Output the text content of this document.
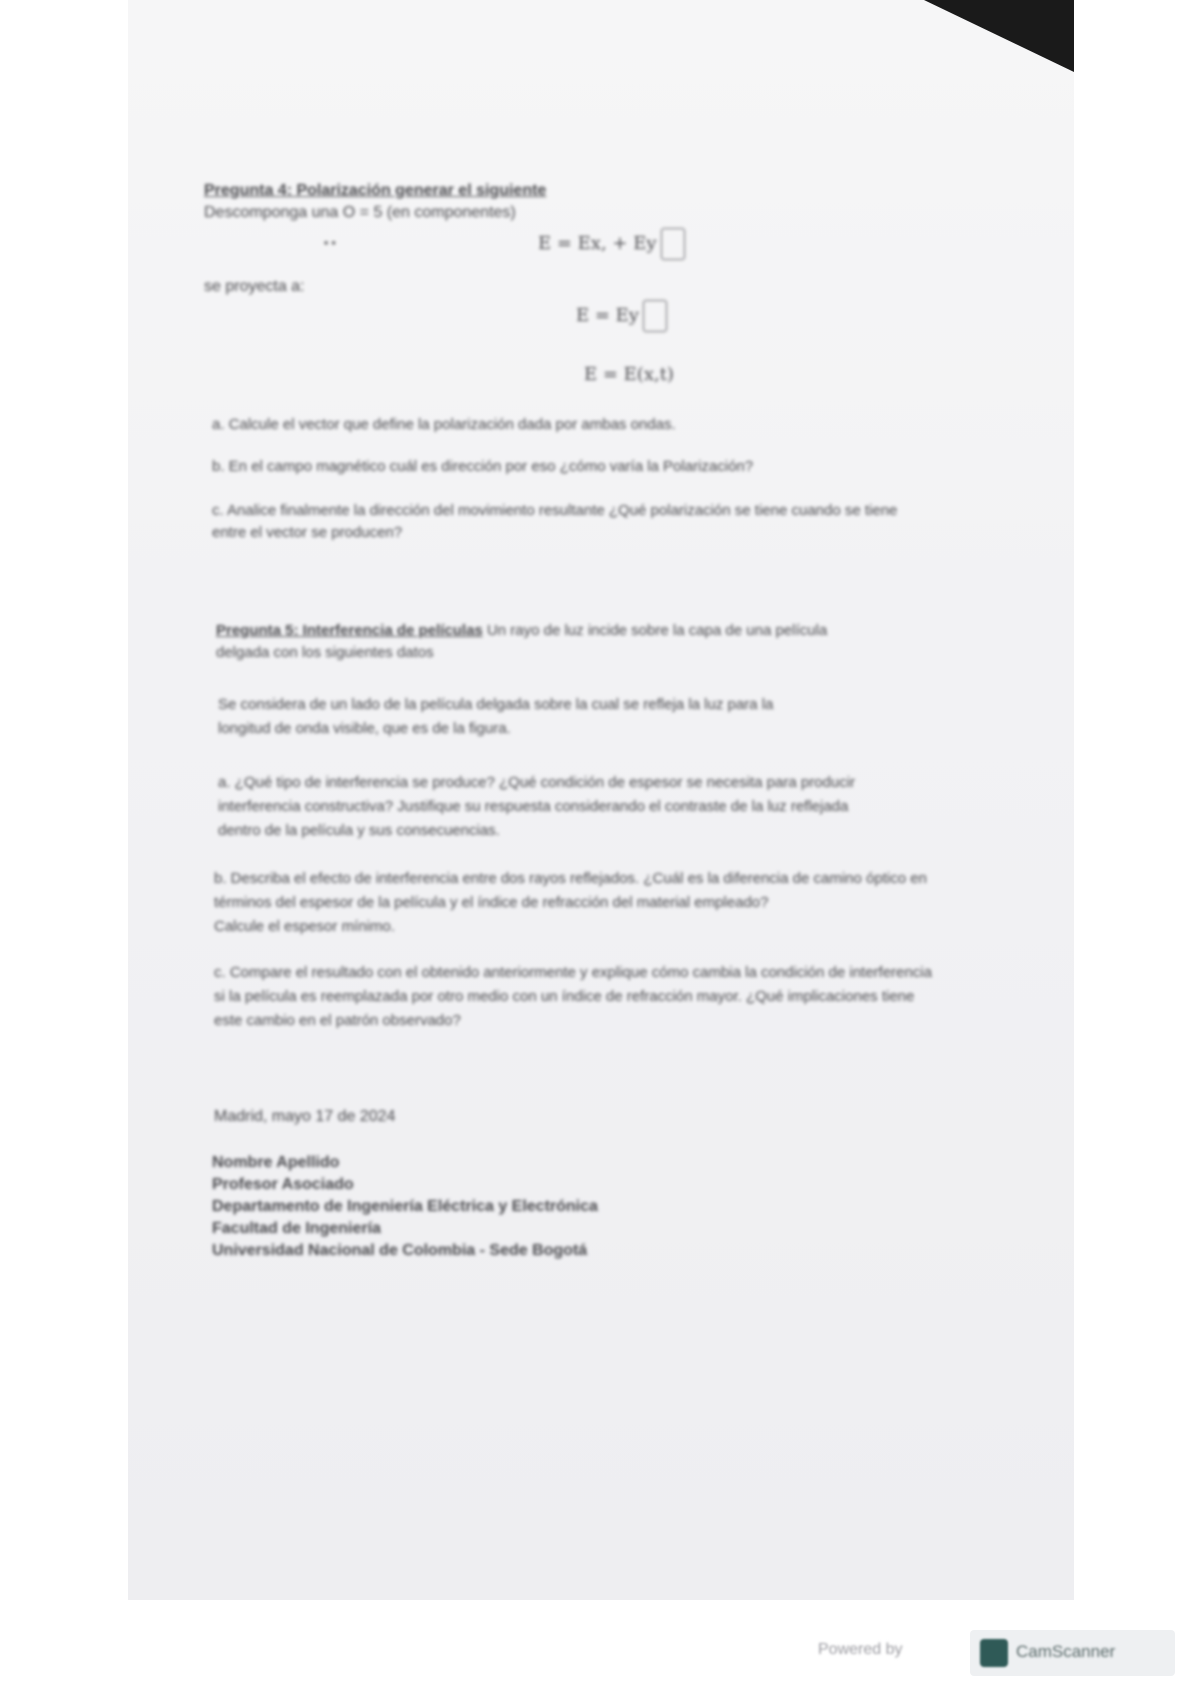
Pregunta 4: Polarización generar el siguiente
Descomponga una O = 5 (en componentes)
• •	E = Ex, + Ey
se proyecta a:
E = Ey
E = E(x,t)
a. Calcule el vector que define la polarización dada por ambas ondas.
b. En el campo magnético cuál es dirección por eso ¿cómo varía la Polarización?
c. Analice finalmente la dirección del movimiento resultante ¿Qué polarización se tiene cuando se tiene
entre el vector se producen?
Pregunta 5: Interferencia de películas Un rayo de luz incide sobre la capa de una película
delgada con los siguientes datos
Se considera de un lado de la película delgada sobre la cual se refleja la luz para la
longitud de onda visible, que es de la figura.
a. ¿Qué tipo de interferencia se produce? ¿Qué condición de espesor se necesita para producir
interferencia constructiva? Justifique su respuesta considerando el contraste de la luz reflejada
dentro de la película y sus consecuencias.
b. Describa el efecto de interferencia entre dos rayos reflejados. ¿Cuál es la diferencia de camino óptico en
términos del espesor de la película y el índice de refracción del material empleado?
Calcule el espesor mínimo.
c. Compare el resultado con el obtenido anteriormente y explique cómo cambia la condición de interferencia
si la película es reemplazada por otro medio con un índice de refracción mayor. ¿Qué implicaciones tiene
este cambio en el patrón observado?
Madrid, mayo 17 de 2024
Nombre Apellido
Profesor Asociado
Departamento de Ingeniería Eléctrica y Electrónica
Facultad de Ingeniería
Universidad Nacional de Colombia - Sede Bogotá
Powered by	CamScanner
